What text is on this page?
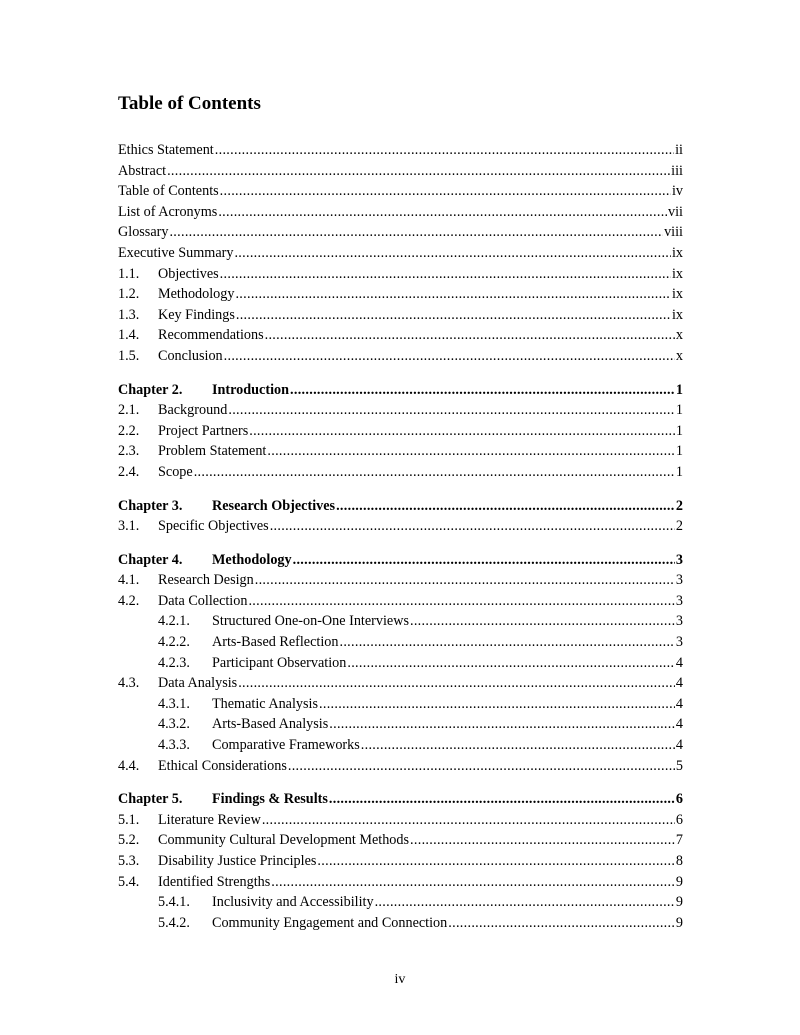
Table of Contents
Ethics Statement .....	ii
Abstract .....	iii
Table of Contents .....	iv
List of Acronyms .....	vii
Glossary .....	viii
Executive Summary .....	ix
1.1.	Objectives .....	ix
1.2.	Methodology .....	ix
1.3.	Key Findings .....	ix
1.4.	Recommendations .....	x
1.5.	Conclusion .....	x
Chapter 2.	Introduction .....	1
2.1.	Background .....	1
2.2.	Project Partners .....	1
2.3.	Problem Statement .....	1
2.4.	Scope .....	1
Chapter 3.	Research Objectives .....	2
3.1.	Specific Objectives .....	2
Chapter 4.	Methodology .....	3
4.1.	Research Design .....	3
4.2.	Data Collection .....	3
4.2.1.	Structured One-on-One Interviews .....	3
4.2.2.	Arts-Based Reflection .....	3
4.2.3.	Participant Observation .....	4
4.3.	Data Analysis .....	4
4.3.1.	Thematic Analysis .....	4
4.3.2.	Arts-Based Analysis .....	4
4.3.3.	Comparative Frameworks .....	4
4.4.	Ethical Considerations .....	5
Chapter 5.	Findings & Results .....	6
5.1.	Literature Review .....	6
5.2.	Community Cultural Development Methods .....	7
5.3.	Disability Justice Principles .....	8
5.4.	Identified Strengths .....	9
5.4.1.	Inclusivity and Accessibility .....	9
5.4.2.	Community Engagement and Connection .....	9
iv
